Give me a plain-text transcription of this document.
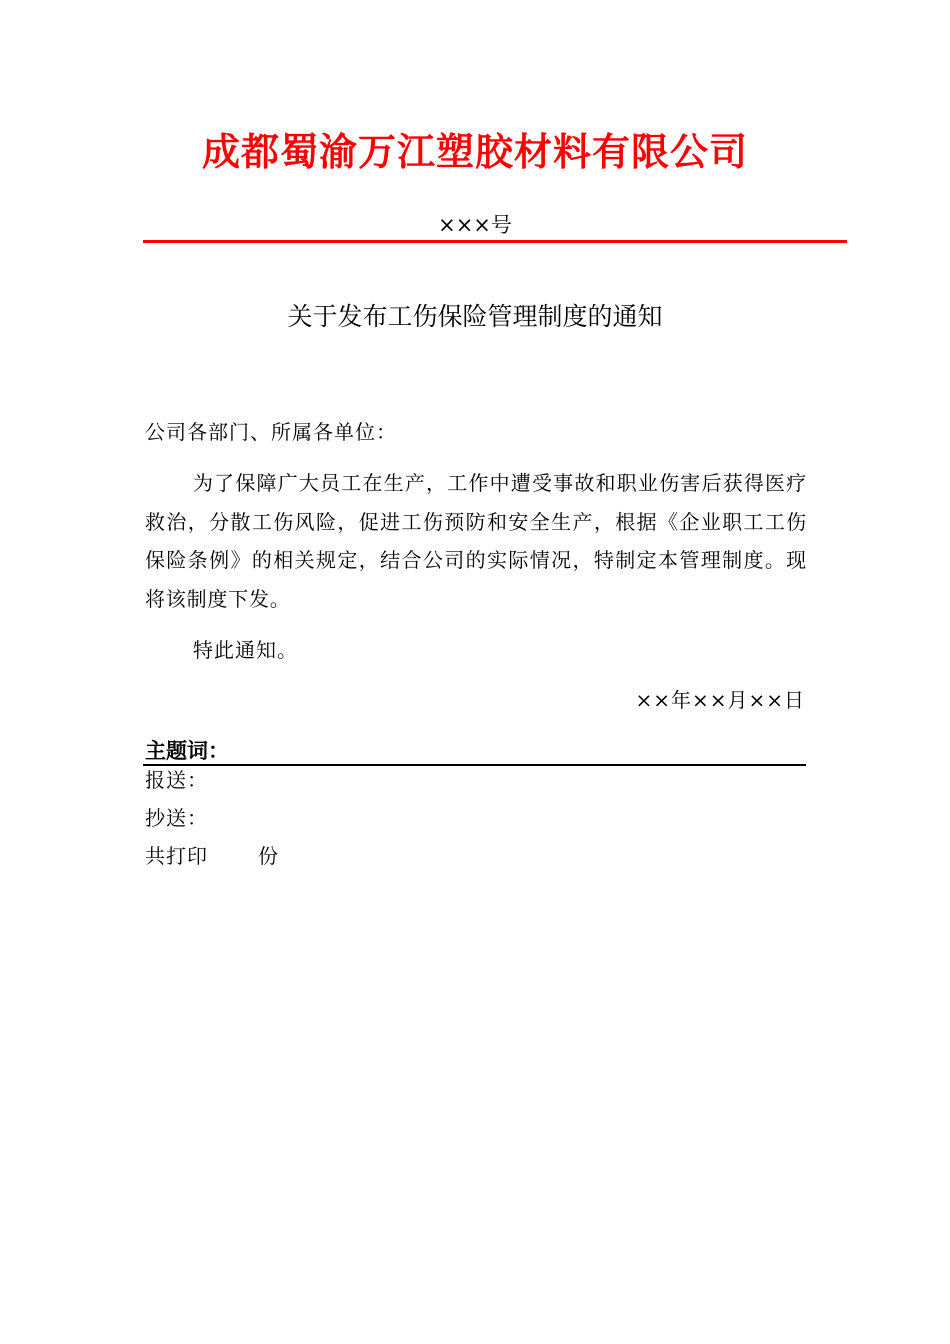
成都蜀渝万江塑胶材料有限公司
×××号
关于发布工伤保险管理制度的通知
公司各部门、所属各单位：
为了保障广大员工在生产，工作中遭受事故和职业伤害后获得医疗救治，分散工伤风险，促进工伤预防和安全生产，根据《企业职工工伤保险条例》的相关规定，结合公司的实际情况，特制定本管理制度。现将该制度下发。
特此通知。
××年××月××日
主题词：
报送：
抄送：
共打印	份
